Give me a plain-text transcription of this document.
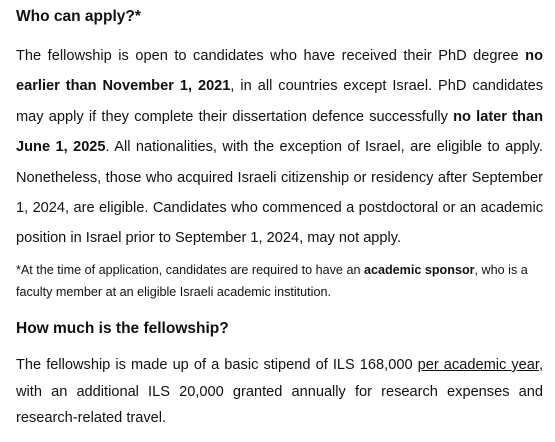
Who can apply?*

The fellowship is open to candidates who have received their PhD degree no earlier than November 1, 2021, in all countries except Israel. PhD candidates may apply if they complete their dissertation defence successfully no later than June 1, 2025. All nationalities, with the exception of Israel, are eligible to apply. Nonetheless, those who acquired Israeli citizenship or residency after September 1, 2024, are eligible. Candidates who commenced a postdoctoral or an academic position in Israel prior to September 1, 2024, may not apply.

*At the time of application, candidates are required to have an academic sponsor, who is a faculty member at an eligible Israeli academic institution.

How much is the fellowship?

The fellowship is made up of a basic stipend of ILS 168,000 per academic year, with an additional ILS 20,000 granted annually for research expenses and research-related travel.
